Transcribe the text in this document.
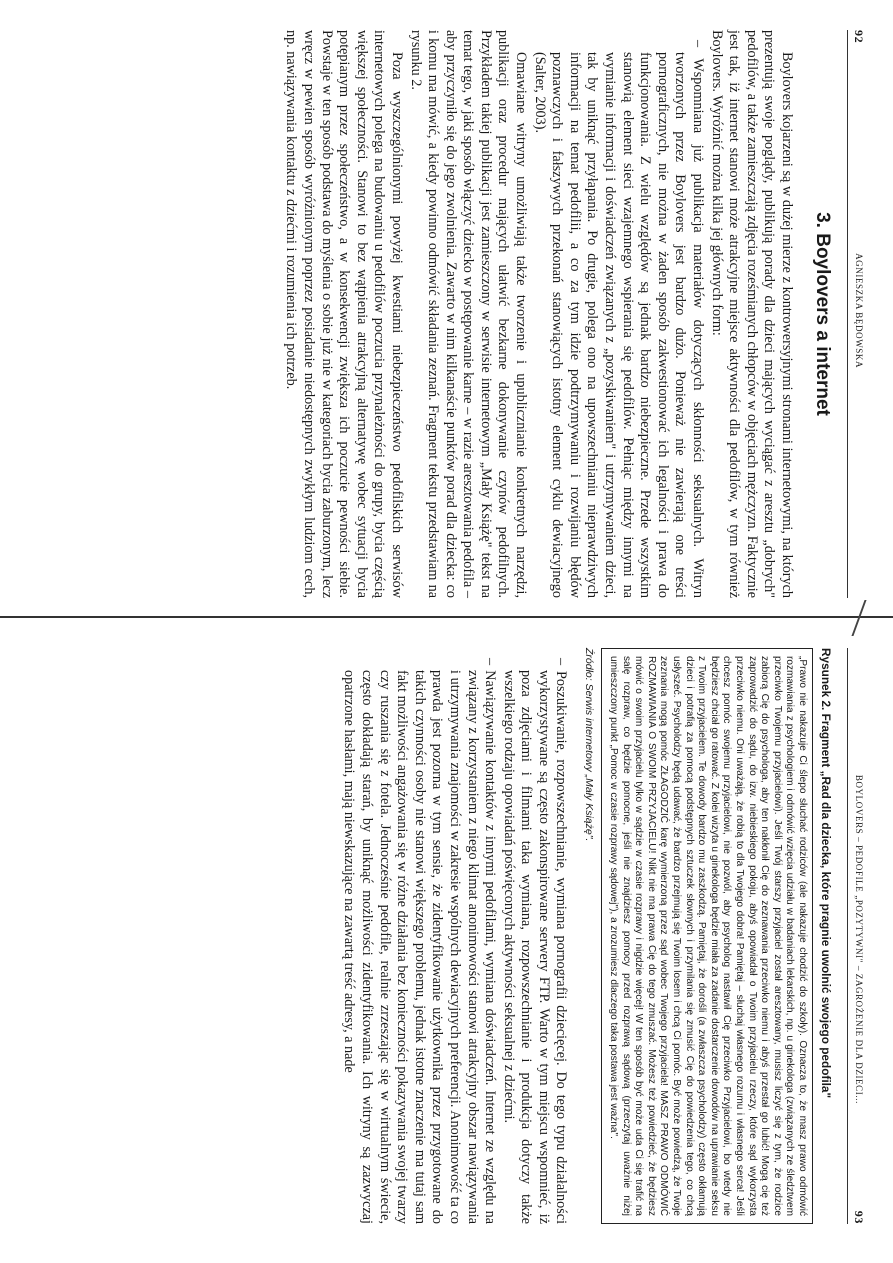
92
AGNIESZKA BĘDOWSKA
3. Boylovers a internet

Boylovers kojarzeni są w dużej mierze z kontrowersyjnymi stronami internetowymi, na których prezentują swoje poglądy, publikują porady dla dzieci mających wyciągać z aresztu „dobrych" pedofilów, a także zamieszczają zdjęcia roześmianych chłopców w objęciach mężczyzn. Faktycznie jest tak, iż internet stanowi może atrakcyjne miejsce aktywności dla pedofilów, w tym również Boylovers. Wyróżnić można kilka jej głównych form:

– Wspomniana już publikacja materiałów dotyczących skłonności seksualnych. Witryn tworzonych przez Boylovers jest bardzo dużo. Ponieważ nie zawierają one treści pornograficznych, nie można w żaden sposób zakwestionować ich legalności i prawa do funkcjonowania. Z wielu względów są jednak bardzo niebezpieczne. Przede wszystkim stanowią element sieci wzajemnego wspierania się pedofilów. Pełniąc między innymi na wymianie informacji i doświadczeń związanych z „pozyskiwaniem" i utrzymywaniem dzieci, tak by uniknąć przyłapania. Po drugie, polega ono na upowszechnianiu nieprawdziwych informacji na temat pedofilii, a co za tym idzie podtrzymywaniu i rozwijaniu błędów poznawczych i fałszywych przekonań stanowiących istotny element cyklu dewiacyjnego (Salter, 2003).

Omawiane witryny umożliwiają także tworzenie i upublicznianie konkretnych narzędzi, publikacji oraz procedur mających ułatwić bezkarne dokonywanie czynów pedofilnych. Przykładem takiej publikacji jest zamieszczony w serwisie internetowym „Mały Książę" tekst na temat tego, w jaki sposób włączyć dziecko w postępowanie karne – w razie aresztowania pedofila – aby przyczyniło się do jego zwolnienia. Zawarto w nim kilkanaście punktów porad dla dziecka: co i komu ma mówić, a kiedy powinno odmówić składania zeznań. Fragment tekstu przedstawiam na rysunku 2.

Poza wyszczególnionymi powyżej kwestiami niebezpieczeństwo pedofilskich serwisów internetowych polega na budowaniu u pedofilów poczucia przynależności do grupy, bycia częścią większej społeczności. Stanowi to bez wątpienia atrakcyjną alternatywę wobec sytuacji bycia potępianym przez społeczeństwo, a w konsekwencji zwiększa ich poczucie pewności siebie. Powstaje w ten sposób podstawa do myślenia o sobie już nie w kategoriach bycia zaburzonym, lecz wręcz w pewien sposób wyróżnionym poprzez posiadanie niedostępnych zwykłym ludziom cech, np. nawiązywania kontaktu z dziećmi i rozumienia ich potrzeb.

BOYLOVERS – PEDOFILE „POZYTYWNI" – ZAGROŻENIE DLA DZIECI...
93
Rysunek 2. Fragment „Rad dla dziecka, które pragnie uwolnić swojego pedofila"
„Prawo nie nakazuje Ci ślepo słuchać rodziców (ale nakazuje chodzić do szkoły). Oznacza to, że masz prawo odmówić rozmawiania z psychologiem i odmówić wzięcia udziału w badaniach lekarskich, np. u ginekologa (związanych ze śledztwem przeciwko Twojemu przyjacielowi). Jeśli Twój starszy przyjaciel został aresztowany, musisz liczyć się z tym, że rodzice zabiorą Cię do psychologa, aby ten nakłonił Cię do zeznawania przeciwko niemu i abyś przestał go lubić! Mogą cię też zaprowadzić do sądu, do izw. niebieskiego pokoju, abyś opowiadał o Twoim przyjacielu rzeczy, które sąd wykorzysta przeciwko niemu. Oni uważają, że robią to dla Twojego dobra! Pamiętaj – słuchaj własnego rozumu i własnego serca! Jeśli chcesz pomóc swojemu przyjacielowi, nie pozwól, aby psycholog nastawił Cię przeciwko Przyjacielowi, bo wtedy nie będziesz chciał go ratować. Z kolei wizyta u ginekologa będzie miała za zadanie dostarczenie dowodów na uprawianie seksu z Twoim przyjacielem. Te dowody bardzo mu zaszkodzą. Pamiętaj, że dorośli (a zwłaszcza psycholodzy) często okłamują dzieci i potrafią za pomocą podstępnych sztuczek słownych i przymilania się zmusić Cię do powiedzenia tego, co chcą usłyszeć. Psycholodzy będą udawać, że bardzo przejmują się Twoim losem i chcą Ci pomóc. Być może powiedzą, że Twoje zeznania mogą pomóc ZŁAGODZIĆ karę wymierzoną przez sąd wobec Twojego przyjaciela! MASZ PRAWO ODMÓWIĆ ROZMAWIANIA O SWOIM PRZYJACIELU! Nikt nie ma prawa Cię do tego zmuszać. Możesz też powiedzieć, że będziesz mówić o swoim przyjacielu tylko w sądzie w czasie rozprawy i nigdzie więcej! W ten sposób być może uda Ci się trafić na salę rozpraw, co będzie pomocne, jeśli nie znajdziesz pomocy przed rozprawą sądową (przeczytaj uważnie niżej umieszczony punkt „Pomoc w czasie rozprawy sądowej"), a zrozumiesz dlaczego taka postawa jest ważna".
Źródło: Serwis internetowy „Mały Książę".
– Poszukiwanie, rozpowszechnianie, wymiana pornografii dziecięcej. Do tego typu działalności wykorzystywane są często zakonspirowane serwery FTP. Warto w tym miejscu wspomnieć, iż poza zdjęciami i filmami taka wymiana, rozpowszechnianie i produkcja dotyczy także wszelkiego rodzaju opowiadań poświęconych aktywności seksualnej z dziećmi.
– Nawiązywanie kontaktów z innymi pedofilami, wymiana doświadczeń. Internet ze względu na związany z korzystaniem z niego klimat anonimowości stanowi atrakcyjny obszar nawiązywania i utrzymywania znajomości w zakresie wspólnych dewiacyjnych preferencji. Anonimowość ta co prawda jest pozorna w tym sensie, że zidentyfikowanie użytkownika przez przygotowane do takich czynności osoby nie stanowi większego problemu, jednak istotne znaczenie ma tutaj sam fakt możliwości angażowania się w różne działania bez konieczności pokazywania swojej twarzy czy ruszania się z fotela. Jednocześnie pedofile, realnie zrzeszając się w wirtualnym świecie, często dokładają starań, by uniknąć możliwości zidentyfikowania. Ich witryny są zazwyczaj opatrzone hasłami, mają niewskazujące na zawartą treść adresy, a nade
